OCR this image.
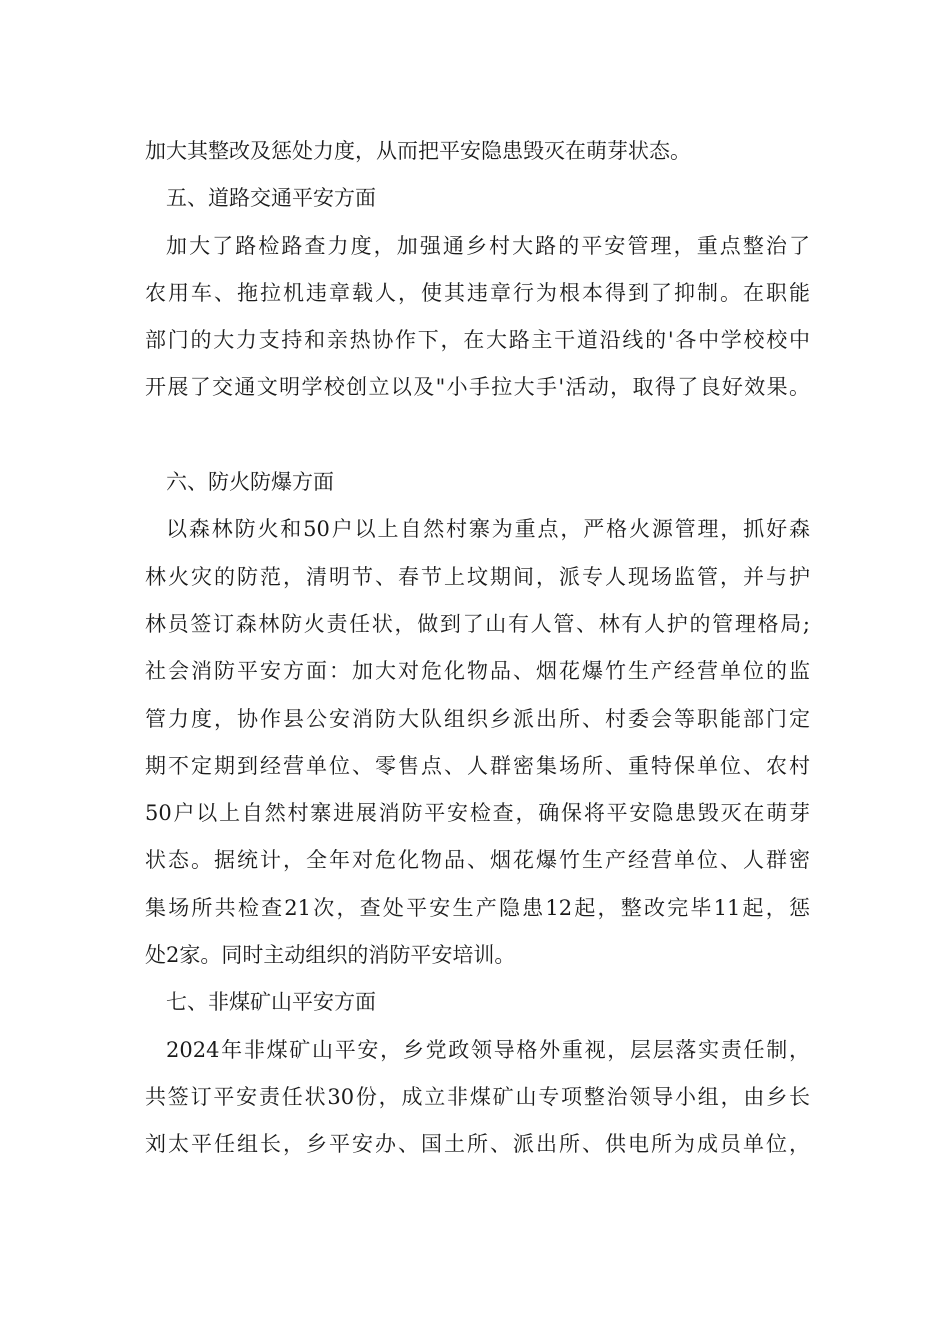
加大其整改及惩处力度，从而把平安隐患毁灭在萌芽状态。
五、道路交通平安方面
加大了路检路查力度，加强通乡村大路的平安管理，重点整治了
农用车、拖拉机违章载人，使其违章行为根本得到了抑制。在职能
部门的大力支持和亲热协作下，在大路主干道沿线的'各中学校校中
开展了交通文明学校创立以及"小手拉大手'活动，取得了良好效果。
六、防火防爆方面
以森林防火和50户以上自然村寨为重点，严格火源管理，抓好森
林火灾的防范，清明节、春节上坟期间，派专人现场监管，并与护
林员签订森林防火责任状，做到了山有人管、林有人护的管理格局;
社会消防平安方面：加大对危化物品、烟花爆竹生产经营单位的监
管力度，协作县公安消防大队组织乡派出所、村委会等职能部门定
期不定期到经营单位、零售点、人群密集场所、重特保单位、农村
50户以上自然村寨进展消防平安检查，确保将平安隐患毁灭在萌芽
状态。据统计，全年对危化物品、烟花爆竹生产经营单位、人群密
集场所共检查21次，查处平安生产隐患12起，整改完毕11起，惩
处2家。同时主动组织的消防平安培训。
七、非煤矿山平安方面
2024年非煤矿山平安，乡党政领导格外重视，层层落实责任制，
共签订平安责任状30份，成立非煤矿山专项整治领导小组，由乡长
刘太平任组长，乡平安办、国土所、派出所、供电所为成员单位，
